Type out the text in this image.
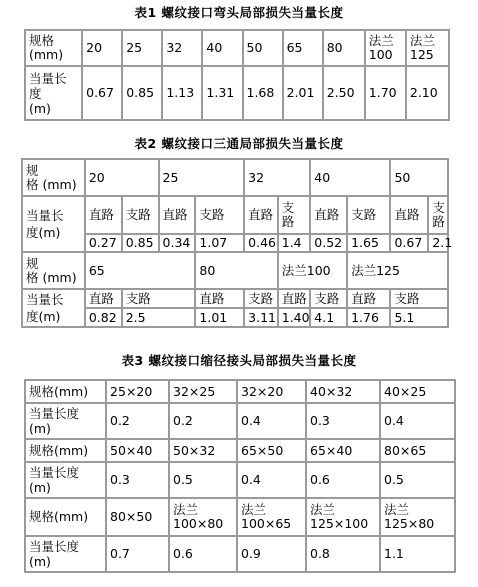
表1 螺纹接口弯头局部损失当量长度
规格
(mm)	20	25	32	40	50	65	80	法兰
100	法兰
125
当量长
度
(m)	0.67	0.85	1.13	1.31	1.68	2.01	2.50	1.70	2.10
表2 螺纹接口三通局部损失当量长度
规
格 (mm)	20		25		32		40		50	
当量长
度(m)	直路	支路	直路	支路	直路	支
路	直路	支路	直路	支
路
	0.27	0.85	0.34	1.07	0.46	1.4	0.52	1.65	0.67	2.1
规
格 (mm)	65			80		法兰100		法兰125		
当量长
度(m)	直路	支路		直路	支路	直路	支路	直路	支路	
	0.82	2.5		1.01	3.11	1.40	4.1	1.76	5.1	
表3 螺纹接口缩径接头局部损失当量长度
规格(mm)	25×20	32×25	32×20	40×32	40×25
当量长度
(m)	0.2	0.2	0.4	0.3	0.4
规格(mm)	50×40	50×32	65×50	65×40	80×65
当量长度
(m)	0.3	0.5	0.4	0.6	0.5
规格(mm)	80×50	法兰
100×80	法兰
100×65	法兰
125×100	法兰
125×80
当量长度
(m)	0.7	0.6	0.9	0.8	1.1
